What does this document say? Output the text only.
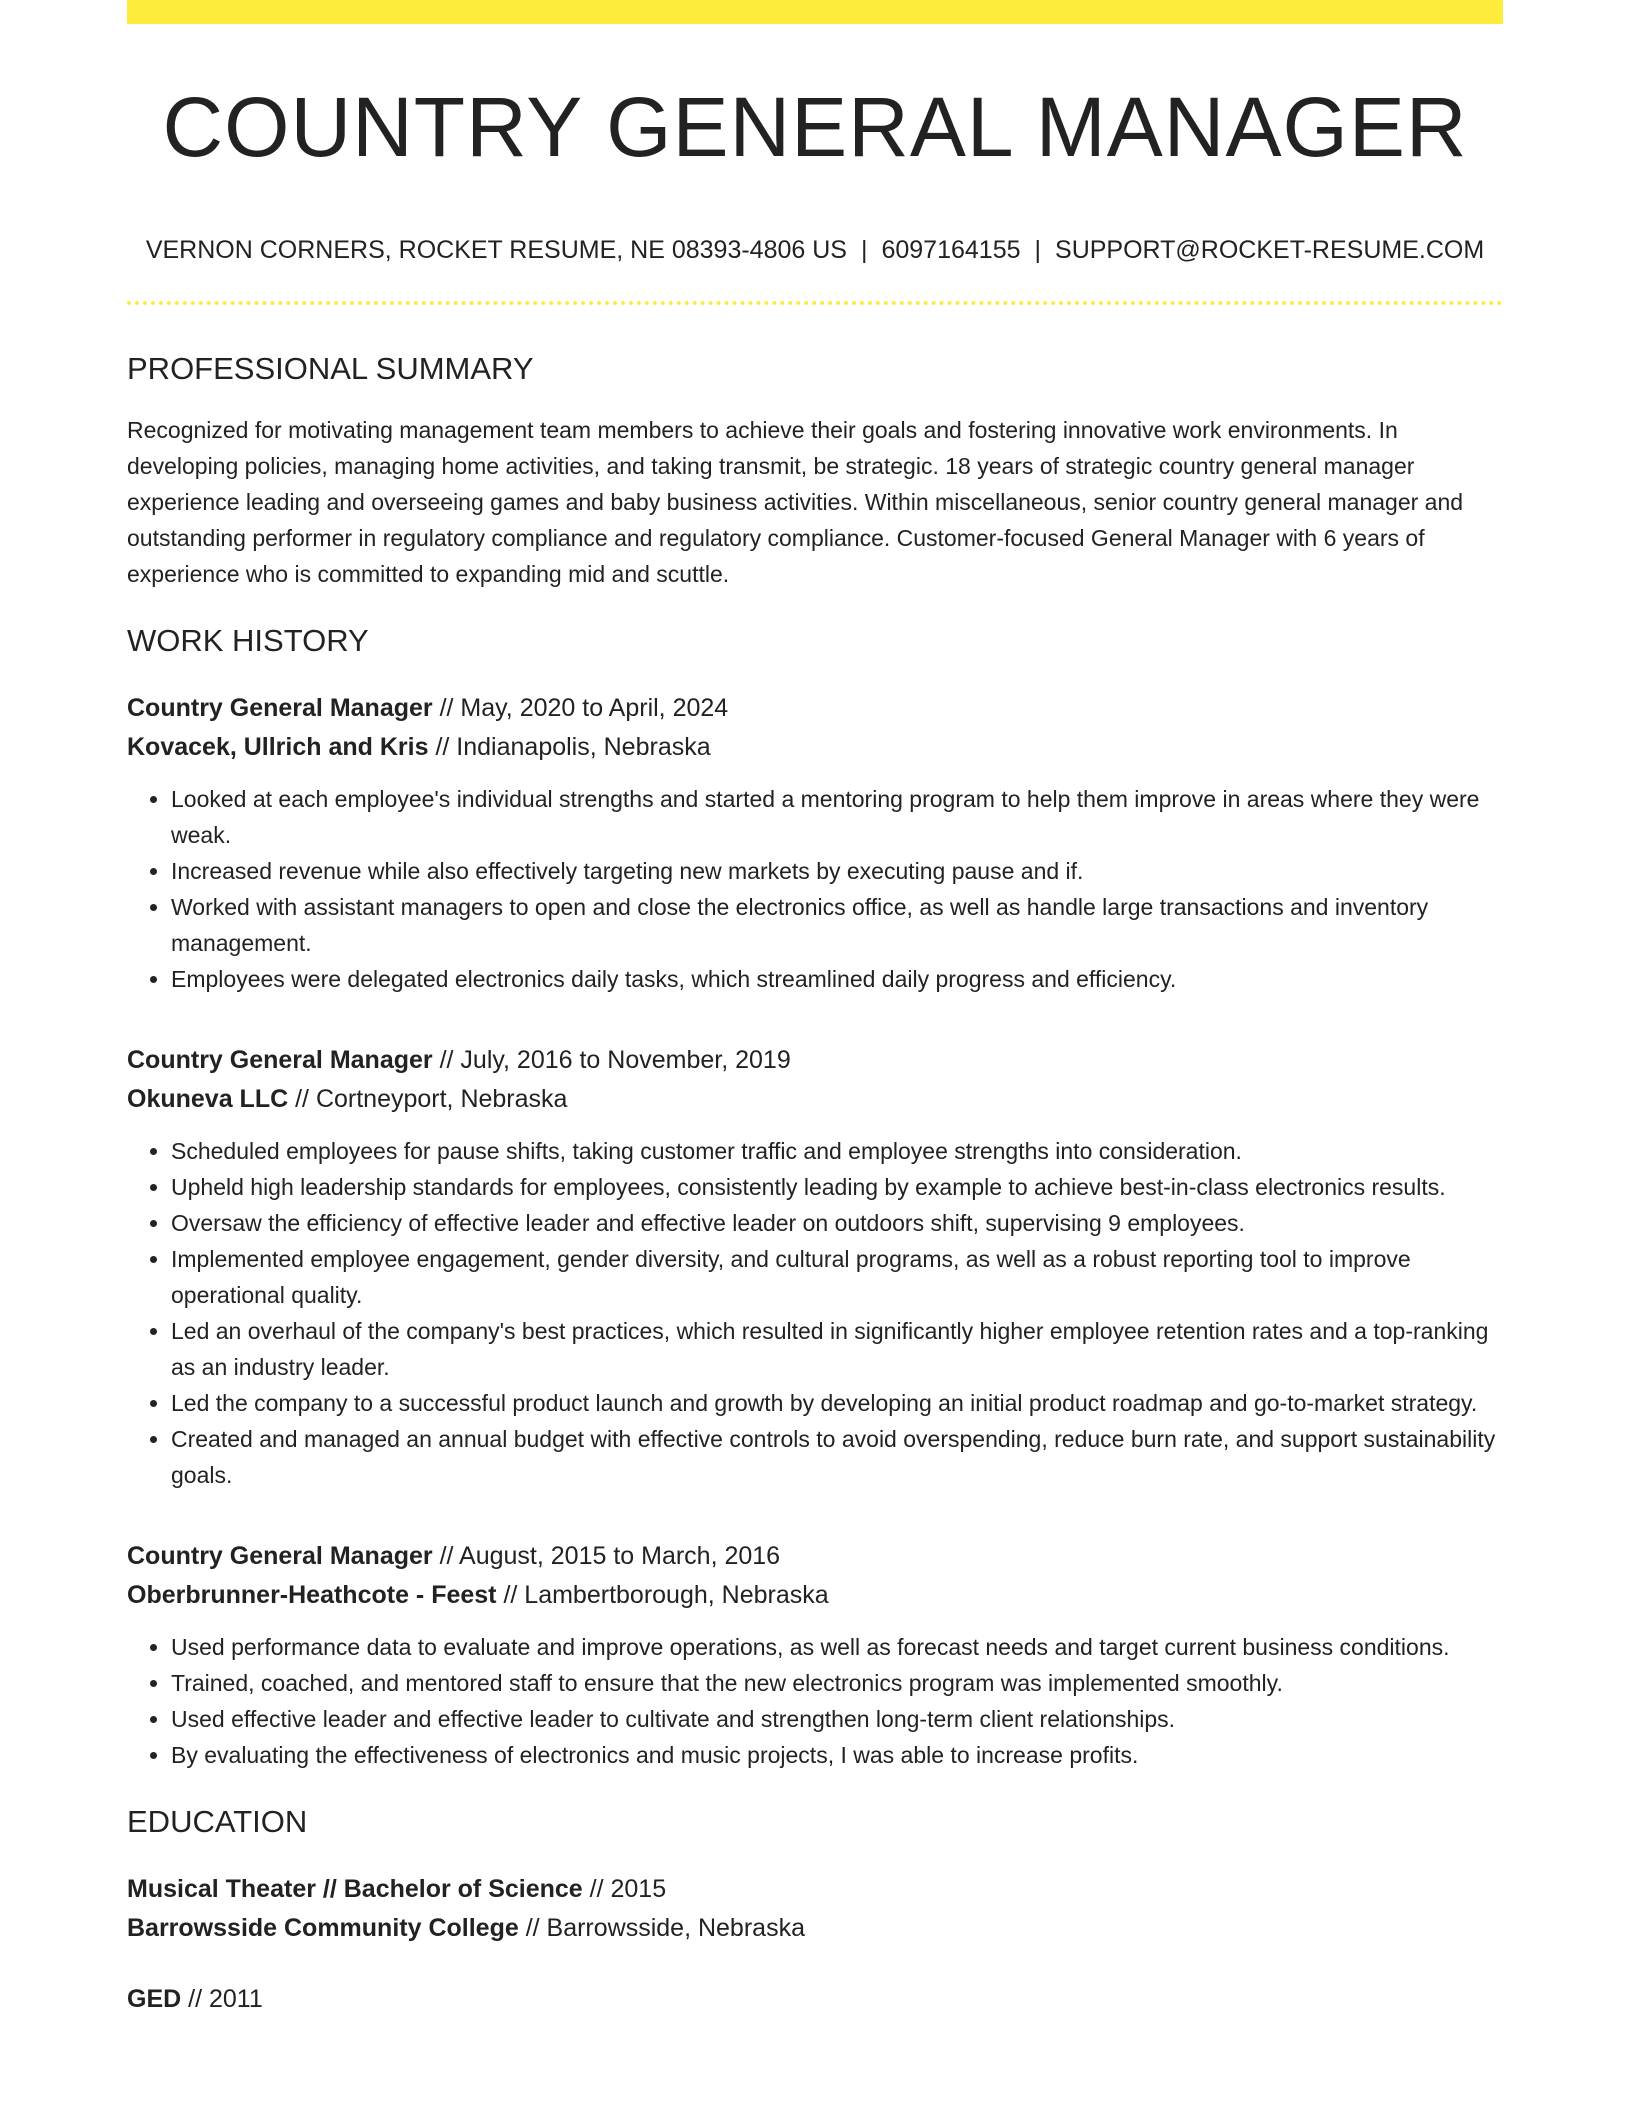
COUNTRY GENERAL MANAGER
VERNON CORNERS, ROCKET RESUME, NE 08393-4806 US | 6097164155 | SUPPORT@ROCKET-RESUME.COM
PROFESSIONAL SUMMARY

Recognized for motivating management team members to achieve their goals and fostering innovative work environments. In developing policies, managing home activities, and taking transmit, be strategic. 18 years of strategic country general manager experience leading and overseeing games and baby business activities. Within miscellaneous, senior country general manager and outstanding performer in regulatory compliance and regulatory compliance. Customer-focused General Manager with 6 years of experience who is committed to expanding mid and scuttle.

WORK HISTORY
Country General Manager // May, 2020 to April, 2024
Kovacek, Ullrich and Kris // Indianapolis, Nebraska
• Looked at each employee's individual strengths and started a mentoring program to help them improve in areas where they were weak.
• Increased revenue while also effectively targeting new markets by executing pause and if.
• Worked with assistant managers to open and close the electronics office, as well as handle large transactions and inventory management.
• Employees were delegated electronics daily tasks, which streamlined daily progress and efficiency.
Country General Manager // July, 2016 to November, 2019
Okuneva LLC // Cortneyport, Nebraska
• Scheduled employees for pause shifts, taking customer traffic and employee strengths into consideration.
• Upheld high leadership standards for employees, consistently leading by example to achieve best-in-class electronics results.
• Oversaw the efficiency of effective leader and effective leader on outdoors shift, supervising 9 employees.
• Implemented employee engagement, gender diversity, and cultural programs, as well as a robust reporting tool to improve operational quality.
• Led an overhaul of the company's best practices, which resulted in significantly higher employee retention rates and a top-ranking as an industry leader.
• Led the company to a successful product launch and growth by developing an initial product roadmap and go-to-market strategy.
• Created and managed an annual budget with effective controls to avoid overspending, reduce burn rate, and support sustainability goals.
Country General Manager // August, 2015 to March, 2016
Oberbrunner-Heathcote - Feest // Lambertborough, Nebraska
• Used performance data to evaluate and improve operations, as well as forecast needs and target current business conditions.
• Trained, coached, and mentored staff to ensure that the new electronics program was implemented smoothly.
• Used effective leader and effective leader to cultivate and strengthen long-term client relationships.
• By evaluating the effectiveness of electronics and music projects, I was able to increase profits.
EDUCATION
Musical Theater // Bachelor of Science // 2015
Barrowsside Community College // Barrowsside, Nebraska
GED // 2011
